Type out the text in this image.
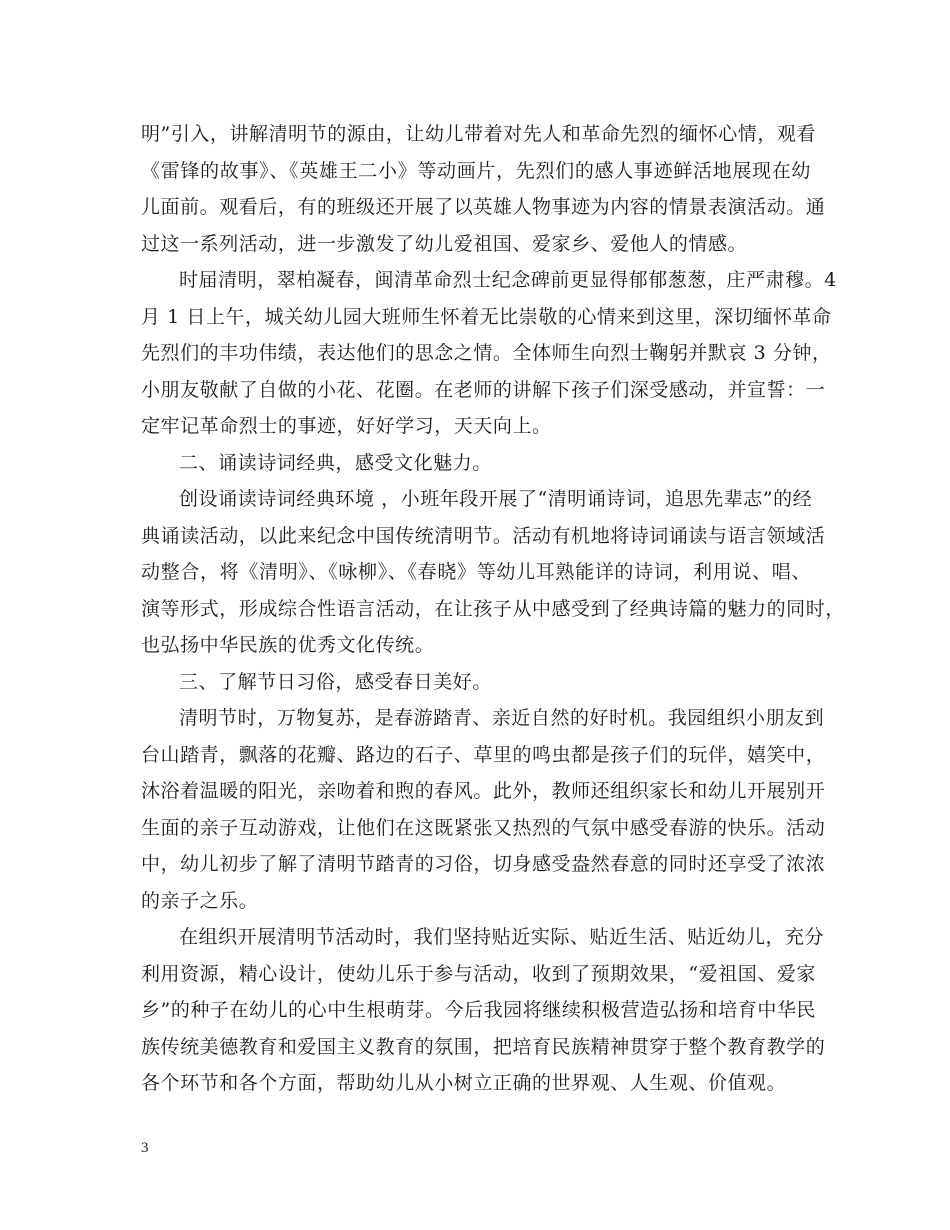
明”引入，讲解清明节的源由，让幼儿带着对先人和革命先烈的缅怀心情，观看
《雷锋的故事》、《英雄王二小》等动画片，先烈们的感人事迹鲜活地展现在幼
儿面前。观看后，有的班级还开展了以英雄人物事迹为内容的情景表演活动。通
过这一系列活动，进一步激发了幼儿爱祖国、爱家乡、爱他人的情感。
时届清明，翠柏凝春，闽清革命烈士纪念碑前更显得郁郁葱葱，庄严肃穆。4
月 1 日上午，城关幼儿园大班师生怀着无比崇敬的心情来到这里，深切缅怀革命
先烈们的丰功伟绩，表达他们的思念之情。全体师生向烈士鞠躬并默哀 3 分钟，
小朋友敬献了自做的小花、花圈。在老师的讲解下孩子们深受感动，并宣誓：一
定牢记革命烈士的事迹，好好学习，天天向上。
二、诵读诗词经典，感受文化魅力。
创设诵读诗词经典环境 ，小班年段开展了“清明诵诗词，追思先辈志”的经
典诵读活动，以此来纪念中国传统清明节。活动有机地将诗词诵读与语言领域活
动整合，将《清明》、《咏柳》、《春晓》等幼儿耳熟能详的诗词，利用说、唱、
演等形式，形成综合性语言活动，在让孩子从中感受到了经典诗篇的魅力的同时，
也弘扬中华民族的优秀文化传统。
三、了解节日习俗，感受春日美好。
清明节时，万物复苏，是春游踏青、亲近自然的好时机。我园组织小朋友到
台山踏青，飘落的花瓣、路边的石子、草里的鸣虫都是孩子们的玩伴，嬉笑中，
沐浴着温暖的阳光，亲吻着和煦的春风。此外，教师还组织家长和幼儿开展别开
生面的亲子互动游戏，让他们在这既紧张又热烈的气氛中感受春游的快乐。活动
中，幼儿初步了解了清明节踏青的习俗，切身感受盎然春意的同时还享受了浓浓
的亲子之乐。
在组织开展清明节活动时，我们坚持贴近实际、贴近生活、贴近幼儿，充分
利用资源，精心设计，使幼儿乐于参与活动，收到了预期效果，“爱祖国、爱家
乡”的种子在幼儿的心中生根萌芽。今后我园将继续积极营造弘扬和培育中华民
族传统美德教育和爱国主义教育的氛围，把培育民族精神贯穿于整个教育教学的
各个环节和各个方面，帮助幼儿从小树立正确的世界观、人生观、价值观。
3
